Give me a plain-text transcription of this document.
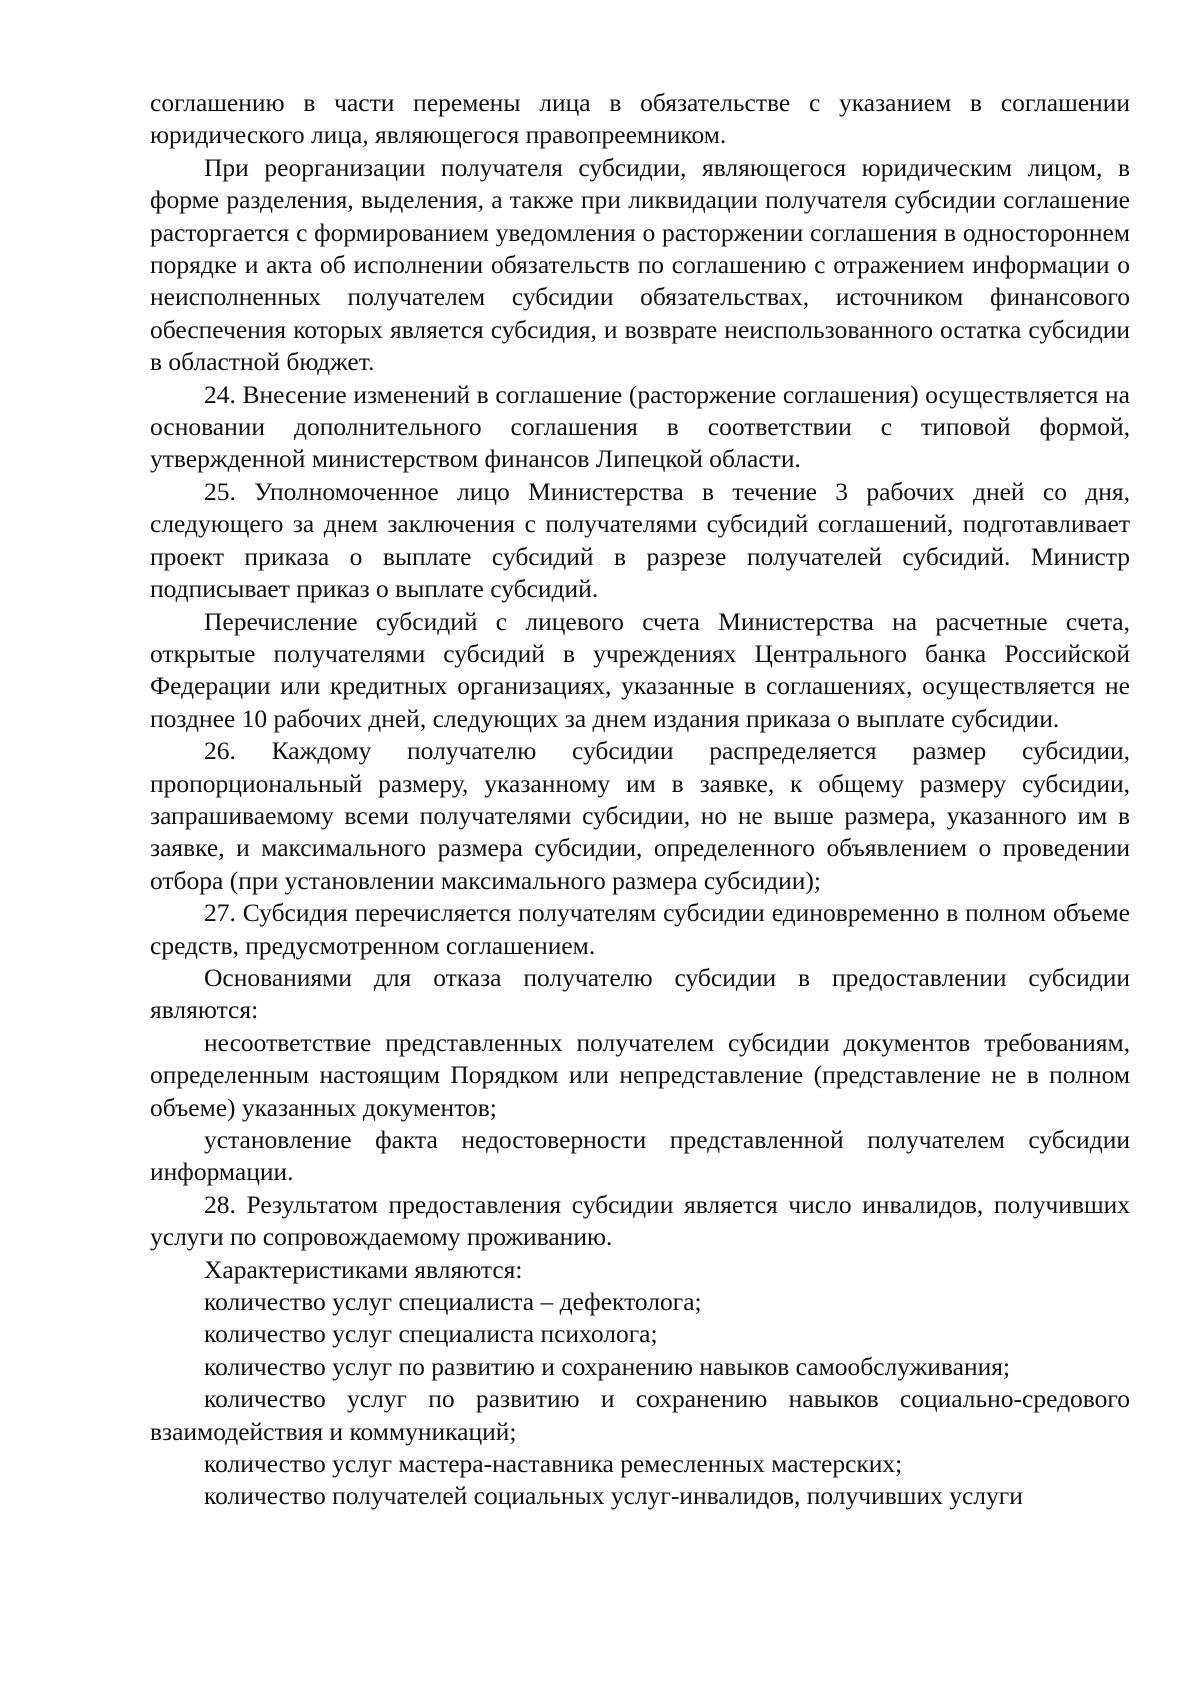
соглашению в части перемены лица в обязательстве с указанием в соглашении юридического лица, являющегося правопреемником.

При реорганизации получателя субсидии, являющегося юридическим лицом, в форме разделения, выделения, а также при ликвидации получателя субсидии соглашение расторгается с формированием уведомления о расторжении соглашения в одностороннем порядке и акта об исполнении обязательств по соглашению с отражением информации о неисполненных получателем субсидии обязательствах, источником финансового обеспечения которых является субсидия, и возврате неиспользованного остатка субсидии в областной бюджет.

24. Внесение изменений в соглашение (расторжение соглашения) осуществляется на основании дополнительного соглашения в соответствии с типовой формой, утвержденной министерством финансов Липецкой области.

25. Уполномоченное лицо Министерства в течение 3 рабочих дней со дня, следующего за днем заключения с получателями субсидий соглашений, подготавливает проект приказа о выплате субсидий в разрезе получателей субсидий. Министр подписывает приказ о выплате субсидий.

Перечисление субсидий с лицевого счета Министерства на расчетные счета, открытые получателями субсидий в учреждениях Центрального банка Российской Федерации или кредитных организациях, указанные в соглашениях, осуществляется не позднее 10 рабочих дней, следующих за днем издания приказа о выплате субсидии.

26. Каждому получателю субсидии распределяется размер субсидии, пропорциональный размеру, указанному им в заявке, к общему размеру субсидии, запрашиваемому всеми получателями субсидии, но не выше размера, указанного им в заявке, и максимального размера субсидии, определенного объявлением о проведении отбора (при установлении максимального размера субсидии);

27. Субсидия перечисляется получателям субсидии единовременно в полном объеме средств, предусмотренном соглашением.

Основаниями для отказа получателю субсидии в предоставлении субсидии являются:

несоответствие представленных получателем субсидии документов требованиям, определенным настоящим Порядком или непредставление (представление не в полном объеме) указанных документов;

установление факта недостоверности представленной получателем субсидии информации.

28. Результатом предоставления субсидии является число инвалидов, получивших услуги по сопровождаемому проживанию.

Характеристиками являются:

количество услуг специалиста – дефектолога;

количество услуг специалиста психолога;

количество услуг по развитию и сохранению навыков самообслуживания;

количество услуг по развитию и сохранению навыков социально-средового взаимодействия и коммуникаций;

количество услуг мастера-наставника ремесленных мастерских;

количество получателей социальных услуг-инвалидов, получивших услуги
